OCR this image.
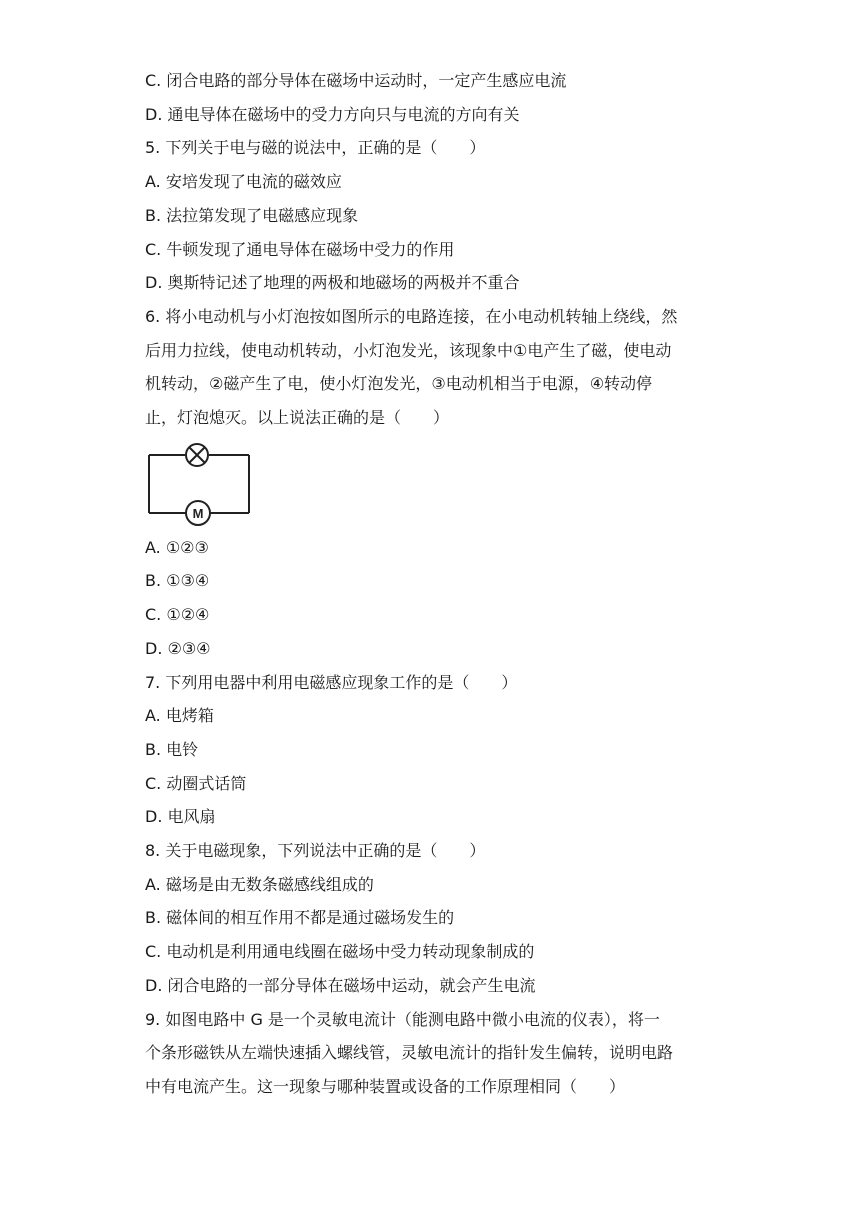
C. 闭合电路的部分导体在磁场中运动时，一定产生感应电流
D. 通电导体在磁场中的受力方向只与电流的方向有关
5. 下列关于电与磁的说法中，正确的是（　　）
A. 安培发现了电流的磁效应
B. 法拉第发现了电磁感应现象
C. 牛顿发现了通电导体在磁场中受力的作用
D. 奥斯特记述了地理的两极和地磁场的两极并不重合
6. 将小电动机与小灯泡按如图所示的电路连接，在小电动机转轴上绕线，然
后用力拉线，使电动机转动，小灯泡发光，该现象中①电产生了磁，使电动
机转动，②磁产生了电，使小灯泡发光，③电动机相当于电源，④转动停
止，灯泡熄灭。以上说法正确的是（　　）
M
A. ①②③
B. ①③④
C. ①②④
D. ②③④
7. 下列用电器中利用电磁感应现象工作的是（　　）
A. 电烤箱
B. 电铃
C. 动圈式话筒
D. 电风扇
8. 关于电磁现象，下列说法中正确的是（　　）
A. 磁场是由无数条磁感线组成的
B. 磁体间的相互作用不都是通过磁场发生的
C. 电动机是利用通电线圈在磁场中受力转动现象制成的
D. 闭合电路的一部分导体在磁场中运动，就会产生电流
9. 如图电路中 G 是一个灵敏电流计（能测电路中微小电流的仪表），将一
个条形磁铁从左端快速插入螺线管，灵敏电流计的指针发生偏转，说明电路
中有电流产生。这一现象与哪种装置或设备的工作原理相同（　　）
